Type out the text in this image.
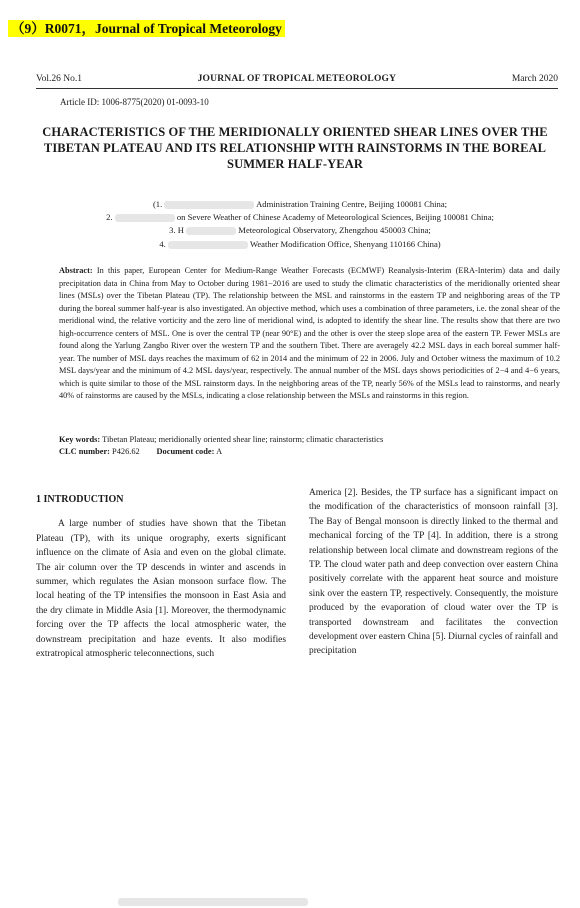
（9）R0071，Journal of Tropical Meteorology
Vol.26 No.1	JOURNAL OF TROPICAL METEOROLOGY	March 2020
Article ID: 1006-8775(2020) 01-0093-10
CHARACTERISTICS OF THE MERIDIONALLY ORIENTED SHEAR LINES OVER THE TIBETAN PLATEAU AND ITS RELATIONSHIP WITH RAINSTORMS IN THE BOREAL SUMMER HALF-YEAR
(1.	Administration Training Centre, Beijing 100081 China;
2.	on Severe Weather of Chinese Academy of Meteorological Sciences, Beijing 100081 China;
3. H	Meteorological Observatory, Zhengzhou 450003 China;
4.	Weather Modification Office, Shenyang 110166 China)
Abstract: In this paper, European Center for Medium-Range Weather Forecasts (ECMWF) Reanalysis-Interim (ERA-Interim) data and daily precipitation data in China from May to October during 1981−2016 are used to study the climatic characteristics of the meridionally oriented shear lines (MSLs) over the Tibetan Plateau (TP). The relationship between the MSL and rainstorms in the eastern TP and neighboring areas of the TP during the boreal summer half-year is also investigated. An objective method, which uses a combination of three parameters, i.e. the zonal shear of the meridional wind, the relative vorticity and the zero line of meridional wind, is adopted to identify the shear line. The results show that there are two high-occurrence centers of MSL. One is over the central TP (near 90°E) and the other is over the steep slope area of the eastern TP. Fewer MSLs are found along the Yarlung Zangbo River over the western TP and the southern Tibet. There are averagely 42.2 MSL days in each boreal summer half-year. The number of MSL days reaches the maximum of 62 in 2014 and the minimum of 22 in 2006. July and October witness the maximum of 10.2 MSL days/year and the minimum of 4.2 MSL days/year, respectively. The annual number of the MSL days shows periodicities of 2−4 and 4−6 years, which is quite similar to those of the MSL rainstorm days. In the neighboring areas of the TP, nearly 56% of the MSLs lead to rainstorms, and nearly 40% of rainstorms are caused by the MSLs, indicating a close relationship between the MSLs and rainstorms in this region.
Key words: Tibetan Plateau; meridionally oriented shear line; rainstorm; climatic characteristics
CLC number: P426.62 Document code: A
1 INTRODUCTION
A large number of studies have shown that the Tibetan Plateau (TP), with its unique orography, exerts significant influence on the climate of Asia and even on the global climate. The air column over the TP descends in winter and ascends in summer, which regulates the Asian monsoon surface flow. The local heating of the TP intensifies the monsoon in East Asia and the dry climate in Middle Asia [1]. Moreover, the thermodynamic forcing over the TP affects the local atmospheric water, the downstream precipitation and haze events. It also modifies extratropical atmospheric teleconnections, such
America [2]. Besides, the TP surface has a significant impact on the modification of the characteristics of monsoon rainfall [3]. The Bay of Bengal monsoon is directly linked to the thermal and mechanical forcing of the TP [4]. In addition, there is a strong relationship between local climate and downstream regions of the TP. The cloud water path and deep convection over eastern China positively correlate with the apparent heat source and moisture sink over the eastern TP, respectively. Consequently, the moisture produced by the evaporation of cloud water over the TP is transported downstream and facilitates the convection development over eastern China [5]. Diurnal cycles of rainfall and precipitation
